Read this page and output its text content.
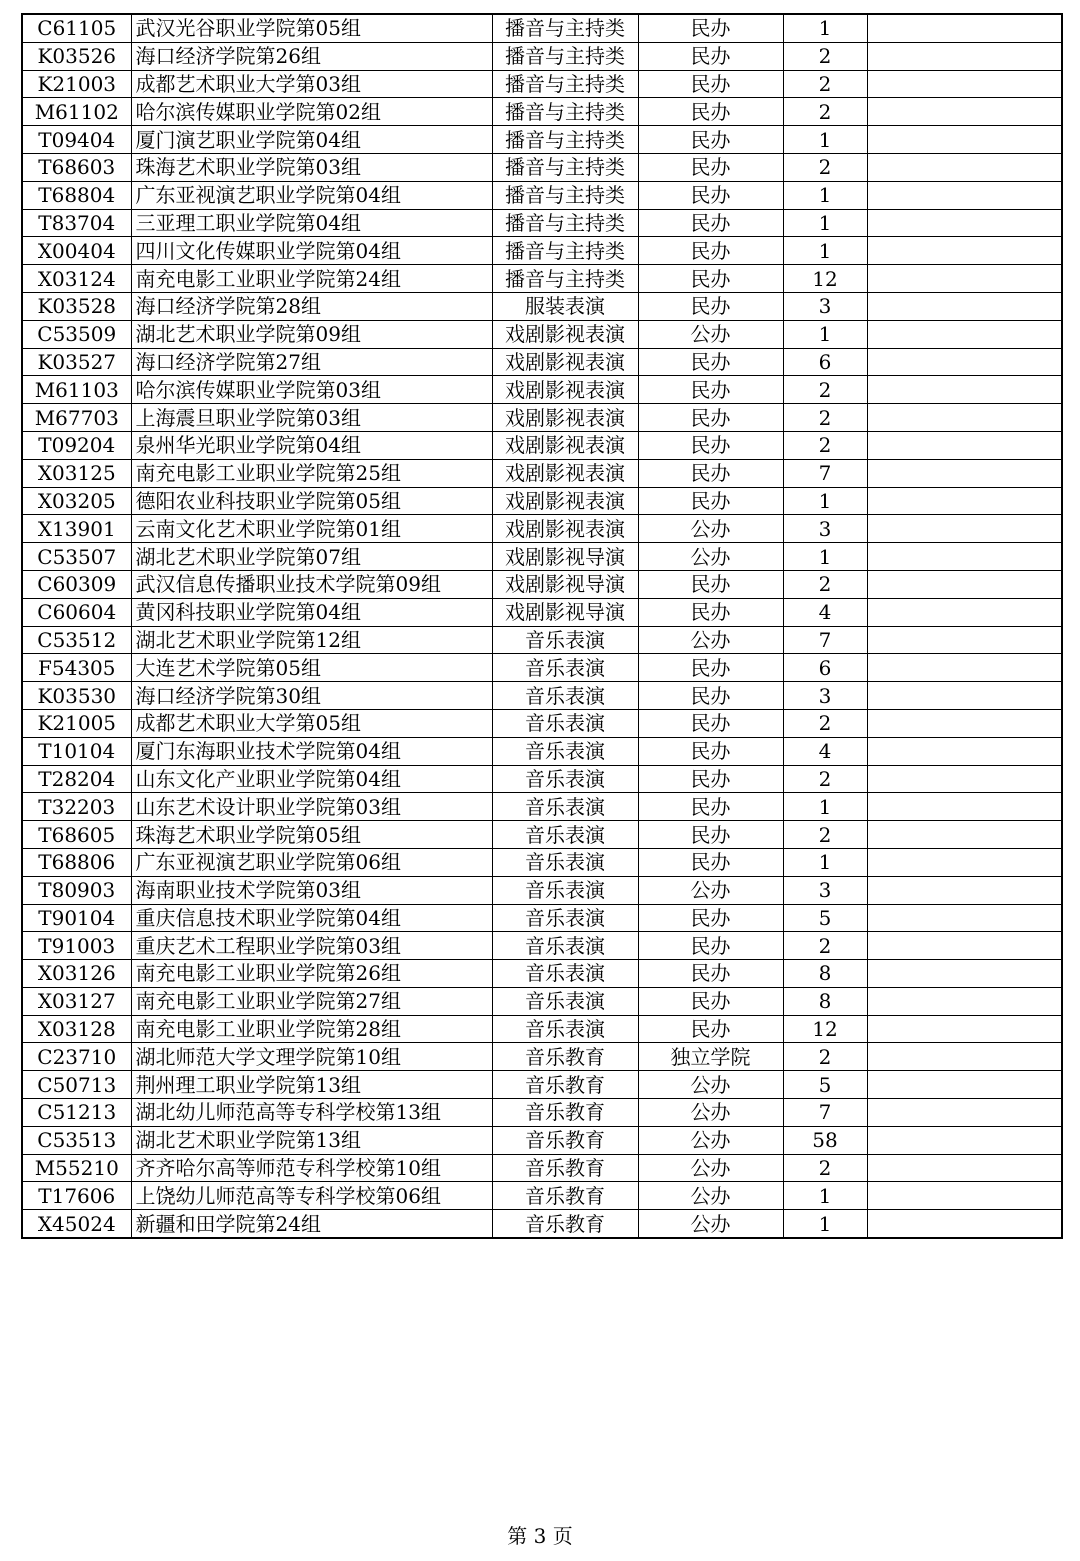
C61105	武汉光谷职业学院第05组	播音与主持类	民办	1	
K03526	海口经济学院第26组	播音与主持类	民办	2	
K21003	成都艺术职业大学第03组	播音与主持类	民办	2	
M61102	哈尔滨传媒职业学院第02组	播音与主持类	民办	2	
T09404	厦门演艺职业学院第04组	播音与主持类	民办	1	
T68603	珠海艺术职业学院第03组	播音与主持类	民办	2	
T68804	广东亚视演艺职业学院第04组	播音与主持类	民办	1	
T83704	三亚理工职业学院第04组	播音与主持类	民办	1	
X00404	四川文化传媒职业学院第04组	播音与主持类	民办	1	
X03124	南充电影工业职业学院第24组	播音与主持类	民办	12	
K03528	海口经济学院第28组	服装表演	民办	3	
C53509	湖北艺术职业学院第09组	戏剧影视表演	公办	1	
K03527	海口经济学院第27组	戏剧影视表演	民办	6	
M61103	哈尔滨传媒职业学院第03组	戏剧影视表演	民办	2	
M67703	上海震旦职业学院第03组	戏剧影视表演	民办	2	
T09204	泉州华光职业学院第04组	戏剧影视表演	民办	2	
X03125	南充电影工业职业学院第25组	戏剧影视表演	民办	7	
X03205	德阳农业科技职业学院第05组	戏剧影视表演	民办	1	
X13901	云南文化艺术职业学院第01组	戏剧影视表演	公办	3	
C53507	湖北艺术职业学院第07组	戏剧影视导演	公办	1	
C60309	武汉信息传播职业技术学院第09组	戏剧影视导演	民办	2	
C60604	黄冈科技职业学院第04组	戏剧影视导演	民办	4	
C53512	湖北艺术职业学院第12组	音乐表演	公办	7	
F54305	大连艺术学院第05组	音乐表演	民办	6	
K03530	海口经济学院第30组	音乐表演	民办	3	
K21005	成都艺术职业大学第05组	音乐表演	民办	2	
T10104	厦门东海职业技术学院第04组	音乐表演	民办	4	
T28204	山东文化产业职业学院第04组	音乐表演	民办	2	
T32203	山东艺术设计职业学院第03组	音乐表演	民办	1	
T68605	珠海艺术职业学院第05组	音乐表演	民办	2	
T68806	广东亚视演艺职业学院第06组	音乐表演	民办	1	
T80903	海南职业技术学院第03组	音乐表演	公办	3	
T90104	重庆信息技术职业学院第04组	音乐表演	民办	5	
T91003	重庆艺术工程职业学院第03组	音乐表演	民办	2	
X03126	南充电影工业职业学院第26组	音乐表演	民办	8	
X03127	南充电影工业职业学院第27组	音乐表演	民办	8	
X03128	南充电影工业职业学院第28组	音乐表演	民办	12	
C23710	湖北师范大学文理学院第10组	音乐教育	独立学院	2	
C50713	荆州理工职业学院第13组	音乐教育	公办	5	
C51213	湖北幼儿师范高等专科学校第13组	音乐教育	公办	7	
C53513	湖北艺术职业学院第13组	音乐教育	公办	58	
M55210	齐齐哈尔高等师范专科学校第10组	音乐教育	公办	2	
T17606	上饶幼儿师范高等专科学校第06组	音乐教育	公办	1	
X45024	新疆和田学院第24组	音乐教育	公办	1	
第 3 页
